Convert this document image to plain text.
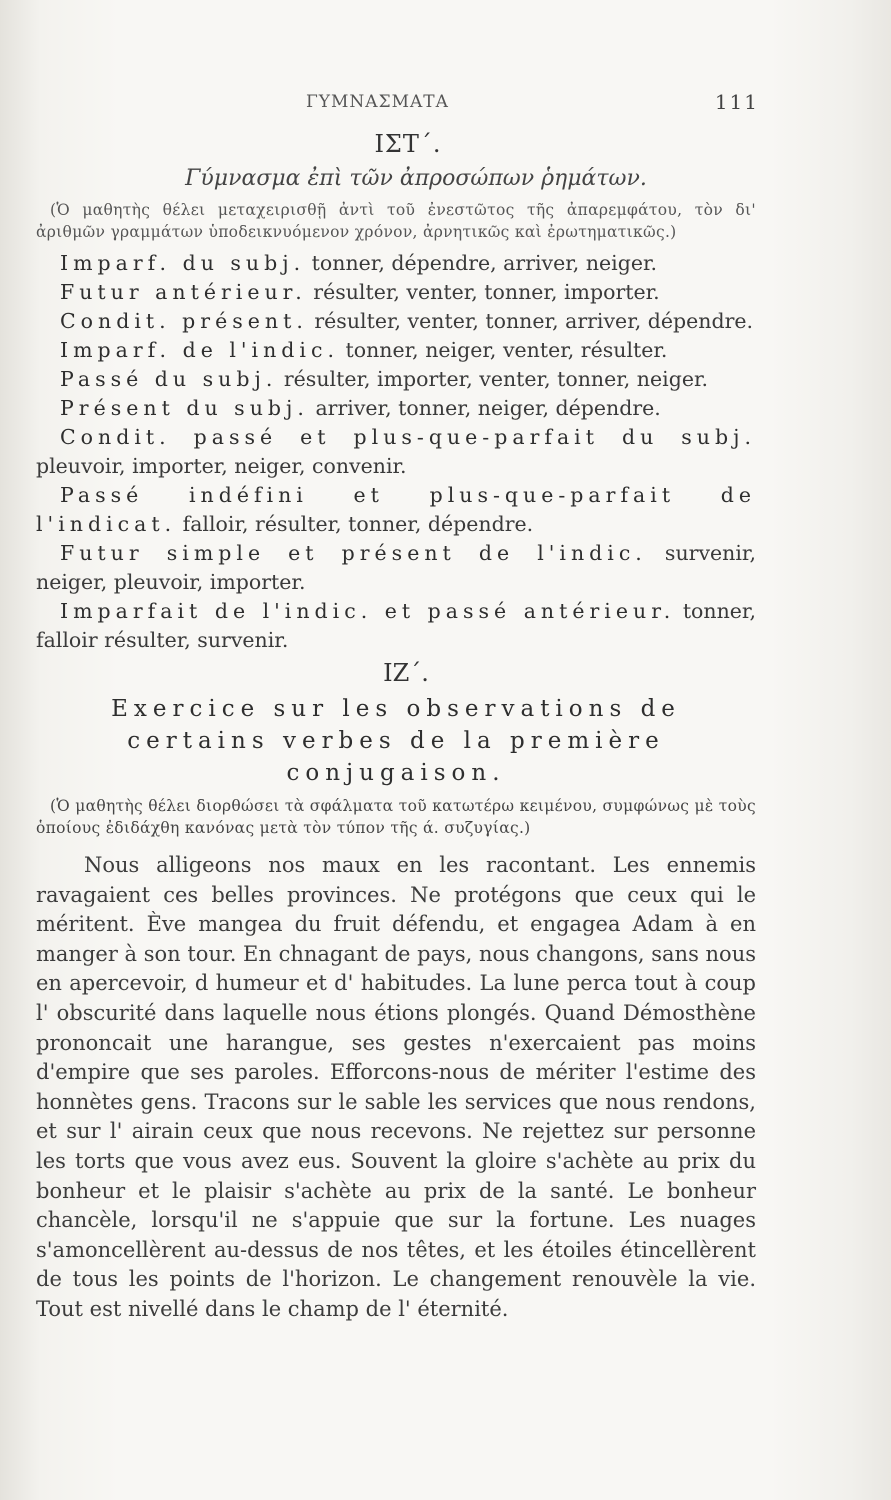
ΓΥΜΝΑΣΜΑΤΑ	111
ΙΣΤ΄.
Γύμνασμα ἐπὶ τῶν ἀπροσώπων ῥημάτων.

(Ὁ μαθητὴς θέλει μεταχειρισθῇ ἀντὶ τοῦ ἐνεστῶτος τῆς ἀπαρεμφάτου, τὸν δι' ἀριθμῶν γραμμάτων ὑποδεικνυόμενον χρόνον, ἀρνητικῶς καὶ ἐρωτηματικῶς.)

Imparf. du subj. tonner, dépendre, arriver, neiger.

Futur antérieur. résulter, venter, tonner, importer.

Condit. présent. résulter, venter, tonner, arriver, dépendre.

Imparf. de l'indic. tonner, neiger, venter, résulter.

Passé du subj. résulter, importer, venter, tonner, neiger.

Présent du subj. arriver, tonner, neiger, dépendre.

Condit. passé et plus-que-parfait du subj. pleuvoir, importer, neiger, convenir.

Passé indéfini et plus-que-parfait de l'indicat. falloir, résulter, tonner, dépendre.

Futur simple et présent de l'indic. survenir, neiger, pleuvoir, importer.

Imparfait de l'indic. et passé antérieur. tonner, falloir résulter, survenir.

ΙΖ΄.
Exercice sur les observations de certains verbes de la première conjugaison.

(Ὁ μαθητὴς θέλει διορθώσει τὰ σφάλματα τοῦ κατωτέρω κειμένου, συμφώνως μὲ τοὺς ὁποίους ἐδιδάχθη κανόνας μετὰ τὸν τύπον τῆς ά. συζυγίας.)

Nous alligeons nos maux en les racontant. Les ennemis ravagaient ces belles provinces. Ne protégons que ceux qui le méritent. Ève mangea du fruit défendu, et engagea Adam à en manger à son tour. En chnagant de pays, nous changons, sans nous en apercevoir, d humeur et d' habitudes. La lune perca tout à coup l' obscurité dans laquelle nous étions plongés. Quand Démosthène prononcait une harangue, ses gestes n'exercaient pas moins d'empire que ses paroles. Efforcons-nous de mériter l'estime des honnètes gens. Tracons sur le sable les services que nous rendons, et sur l' airain ceux que nous recevons. Ne rejettez sur personne les torts que vous avez eus. Souvent la gloire s'achète au prix du bonheur et le plaisir s'achète au prix de la santé. Le bonheur chancèle, lorsqu'il ne s'appuie que sur la fortune. Les nuages s'amoncellèrent au-dessus de nos têtes, et les étoiles étincellèrent de tous les points de l'horizon. Le changement renouvèle la vie. Tout est nivellé dans le champ de l' éternité.
